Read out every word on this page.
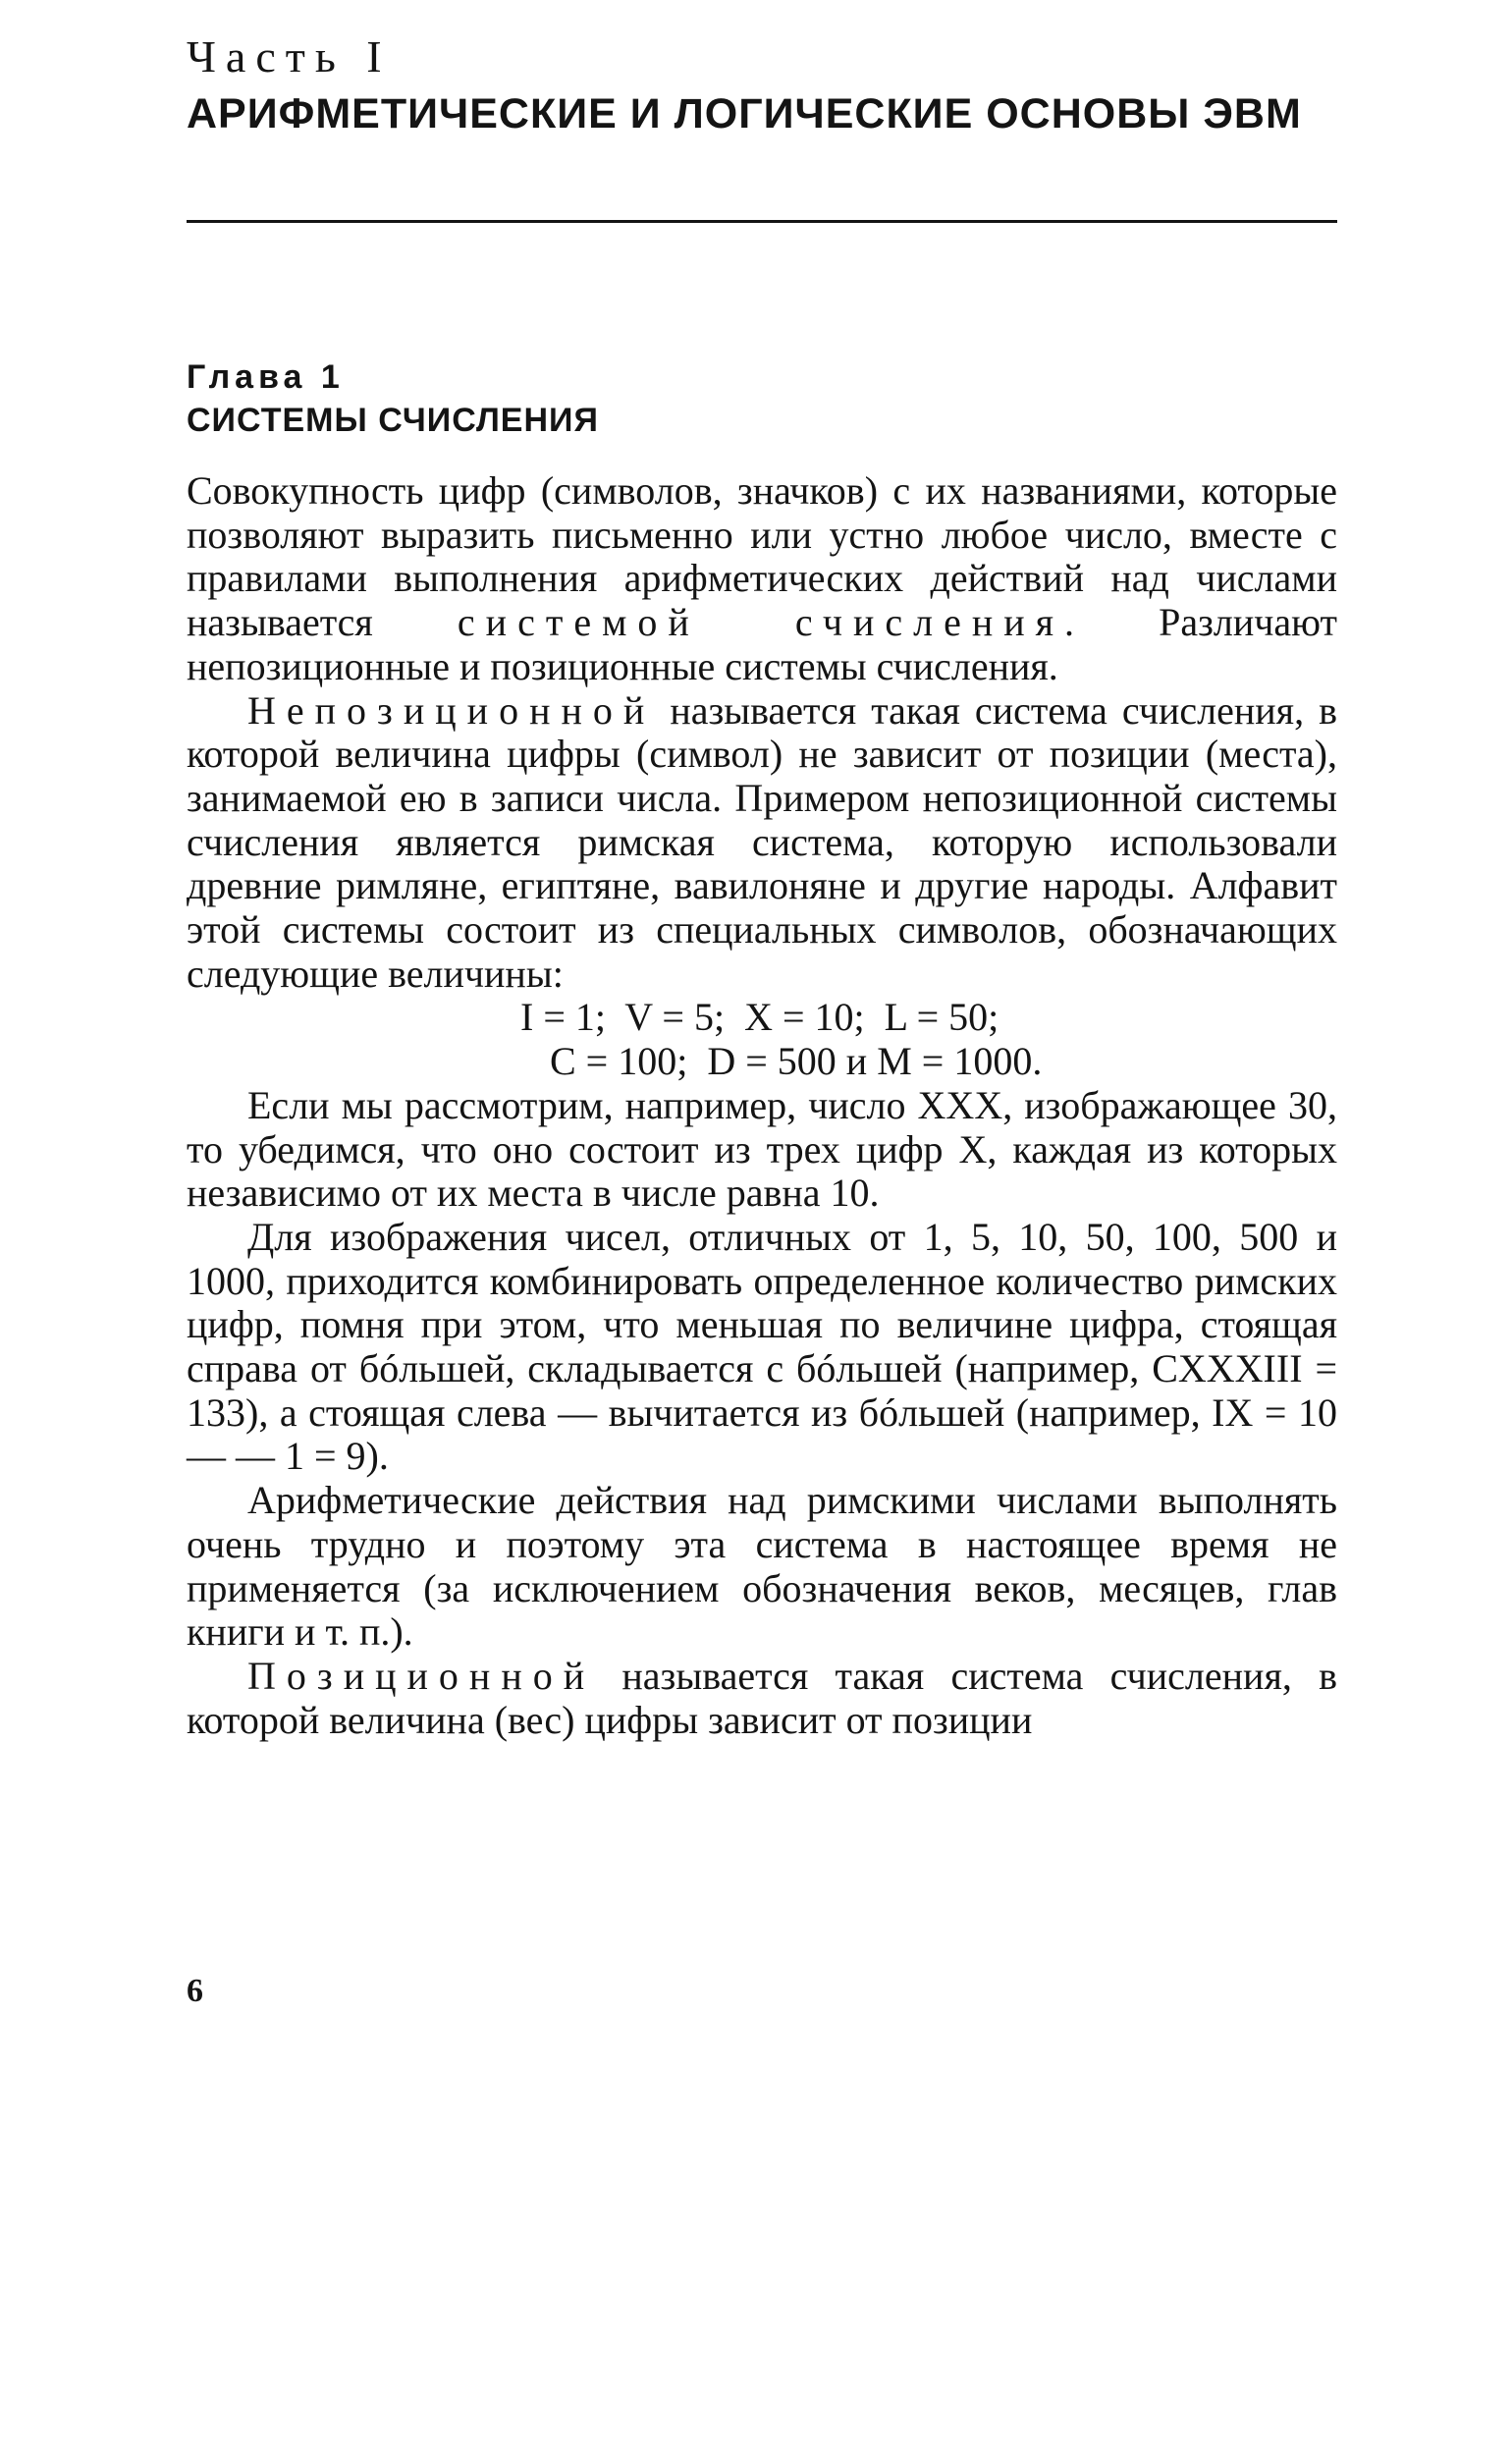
Часть I

АРИФМЕТИЧЕСКИЕ И ЛОГИЧЕСКИЕ ОСНОВЫ ЭВМ

Глава 1

СИСТЕМЫ СЧИСЛЕНИЯ

Совокупность цифр (символов, значков) с их названиями, которые позволяют выразить письменно или устно любое число, вместе с правилами выполнения арифметических действий над числами называется системой счисления. Различают непозиционные и позиционные системы счисления.

Непозиционной называется такая система счисления, в которой величина цифры (символ) не зависит от позиции (места), занимаемой ею в записи числа. Примером непозиционной системы счисления является римская система, которую использовали древние римляне, египтяне, вавилоняне и другие народы. Алфавит этой системы состоит из специальных символов, обозначающих следующие величины:

I = 1;  V = 5;  X = 10;  L = 50;
C = 100;  D = 500 и M = 1000.

Если мы рассмотрим, например, число XXX, изображающее 30, то убедимся, что оно состоит из трех цифр X, каждая из которых независимо от их места в числе равна 10.

Для изображения чисел, отличных от 1, 5, 10, 50, 100, 500 и 1000, приходится комбинировать определенное количество римских цифр, помня при этом, что меньшая по величине цифра, стоящая справа от бóльшей, складывается с бóльшей (например, CXXXIII = 133), а стоящая слева — вычитается из бóльшей (например, IX = 10 — — 1 = 9).

Арифметические действия над римскими числами выполнять очень трудно и поэтому эта система в настоящее время не применяется (за исключением обозначения веков, месяцев, глав книги и т. п.).

Позиционной называется такая система счисления, в которой величина (вес) цифры зависит от позиции

6
